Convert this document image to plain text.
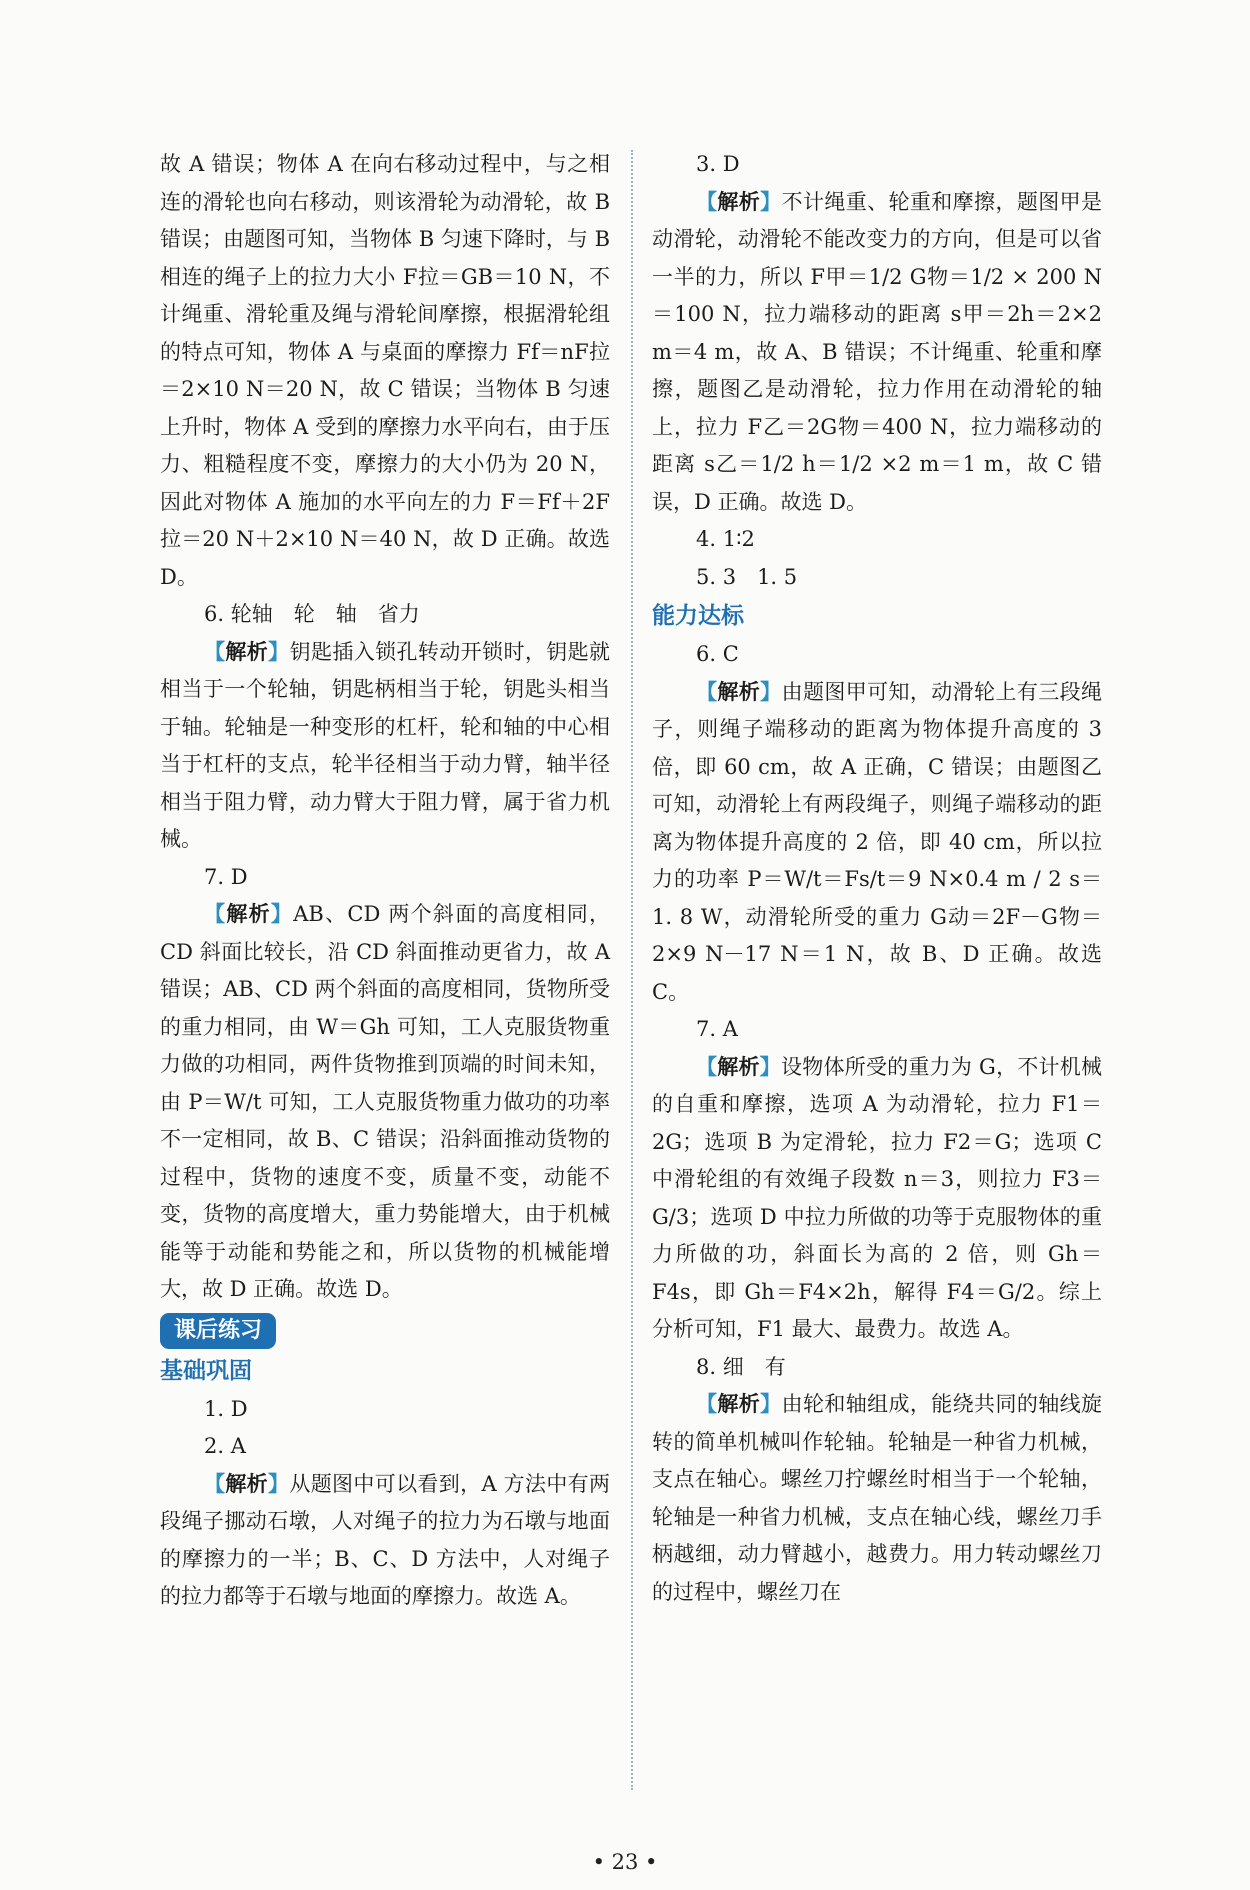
故 A 错误；物体 A 在向右移动过程中，与之相连的滑轮也向右移动，则该滑轮为动滑轮，故 B 错误；由题图可知，当物体 B 匀速下降时，与 B 相连的绳子上的拉力大小 F拉＝GB＝10 N，不计绳重、滑轮重及绳与滑轮间摩擦，根据滑轮组的特点可知，物体 A 与桌面的摩擦力 Ff＝nF拉＝2×10 N＝20 N，故 C 错误；当物体 B 匀速上升时，物体 A 受到的摩擦力水平向右，由于压力、粗糙程度不变，摩擦力的大小仍为 20 N，因此对物体 A 施加的水平向左的力 F＝Ff＋2F拉＝20 N＋2×10 N＝40 N，故 D 正确。故选 D。

6. 轮轴　轮　轴　省力

【解析】钥匙插入锁孔转动开锁时，钥匙就相当于一个轮轴，钥匙柄相当于轮，钥匙头相当于轴。轮轴是一种变形的杠杆，轮和轴的中心相当于杠杆的支点，轮半径相当于动力臂，轴半径相当于阻力臂，动力臂大于阻力臂，属于省力机械。

7. D

【解析】AB、CD 两个斜面的高度相同，CD 斜面比较长，沿 CD 斜面推动更省力，故 A 错误；AB、CD 两个斜面的高度相同，货物所受的重力相同，由 W＝Gh 可知，工人克服货物重力做的功相同，两件货物推到顶端的时间未知，由 P＝W/t 可知，工人克服货物重力做功的功率不一定相同，故 B、C 错误；沿斜面推动货物的过程中，货物的速度不变，质量不变，动能不变，货物的高度增大，重力势能增大，由于机械能等于动能和势能之和，所以货物的机械能增大，故 D 正确。故选 D。

课后练习
基础巩固

1. D

2. A

【解析】从题图中可以看到，A 方法中有两段绳子挪动石墩，人对绳子的拉力为石墩与地面的摩擦力的一半；B、C、D 方法中，人对绳子的拉力都等于石墩与地面的摩擦力。故选 A。

3. D

【解析】不计绳重、轮重和摩擦，题图甲是动滑轮，动滑轮不能改变力的方向，但是可以省一半的力，所以 F甲＝1/2 G物＝1/2 × 200 N＝100 N，拉力端移动的距离 s甲＝2h＝2×2 m＝4 m，故 A、B 错误；不计绳重、轮重和摩擦，题图乙是动滑轮，拉力作用在动滑轮的轴上，拉力 F乙＝2G物＝400 N，拉力端移动的距离 s乙＝1/2 h＝1/2 ×2 m＝1 m，故 C 错误，D 正确。故选 D。

4. 1∶2

5. 3　1. 5

能力达标

6. C

【解析】由题图甲可知，动滑轮上有三段绳子，则绳子端移动的距离为物体提升高度的 3 倍，即 60 cm，故 A 正确，C 错误；由题图乙可知，动滑轮上有两段绳子，则绳子端移动的距离为物体提升高度的 2 倍，即 40 cm，所以拉力的功率 P＝W/t＝Fs/t＝9 N×0.4 m / 2 s＝1. 8 W，动滑轮所受的重力 G动＝2F－G物＝2×9 N－17 N＝1 N，故 B、D 正确。故选 C。

7. A

【解析】设物体所受的重力为 G，不计机械的自重和摩擦，选项 A 为动滑轮，拉力 F1＝2G；选项 B 为定滑轮，拉力 F2＝G；选项 C 中滑轮组的有效绳子段数 n＝3，则拉力 F3＝G/3；选项 D 中拉力所做的功等于克服物体的重力所做的功，斜面长为高的 2 倍，则 Gh＝F4s，即 Gh＝F4×2h，解得 F4＝G/2。综上分析可知，F1 最大、最费力。故选 A。

8. 细　有

【解析】由轮和轴组成，能绕共同的轴线旋转的简单机械叫作轮轴。轮轴是一种省力机械，支点在轴心。螺丝刀拧螺丝时相当于一个轮轴，轮轴是一种省力机械，支点在轴心线，螺丝刀手柄越细，动力臂越小，越费力。用力转动螺丝刀的过程中，螺丝刀在

• 23 •
